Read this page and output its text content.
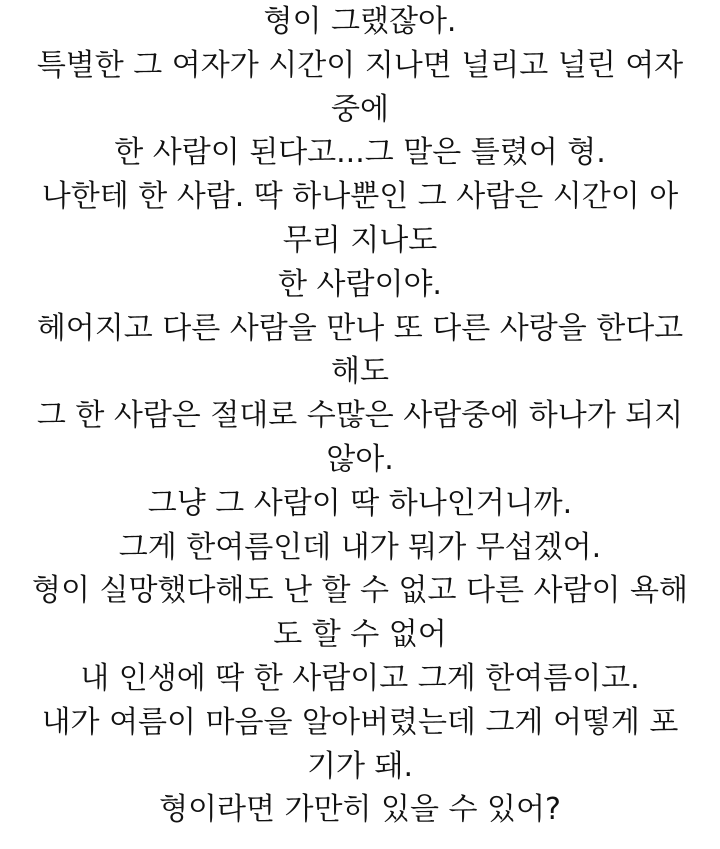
형이 그랬잖아.
특별한 그 여자가 시간이 지나면 널리고 널린 여자
중에
한 사람이 된다고...그 말은 틀렸어 형.
나한테 한 사람. 딱 하나뿐인 그 사람은 시간이 아
무리 지나도
한 사람이야.
헤어지고 다른 사람을 만나 또 다른 사랑을 한다고
해도
그 한 사람은 절대로 수많은 사람중에 하나가 되지
않아.
그냥 그 사람이 딱 하나인거니까.
그게 한여름인데 내가 뭐가 무섭겠어.
형이 실망했다해도 난 할 수 없고 다른 사람이 욕해
도 할 수 없어
내 인생에 딱 한 사람이고 그게 한여름이고.
내가 여름이 마음을 알아버렸는데 그게 어떻게 포
기가 돼.
형이라면 가만히 있을 수 있어?
